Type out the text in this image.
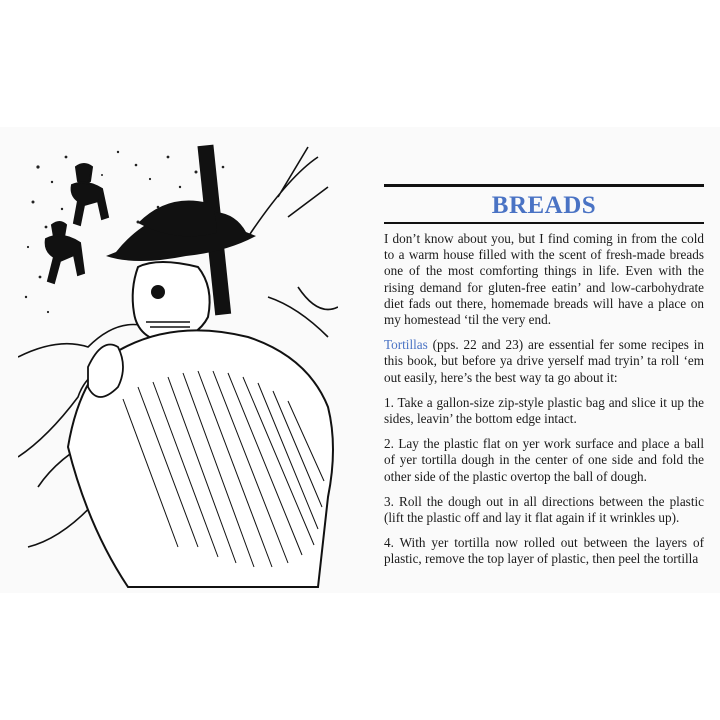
BREADS

I don’t know about you, but I find coming in from the cold to a warm house filled with the scent of fresh-made breads one of the most comforting things in life. Even with the rising demand for gluten-free eatin’ and low-carbohydrate diet fads out there, homemade breads will have a place on my homestead ‘til the very end.

Tortillas (pps. 22 and 23) are essential fer some recipes in this book, but before ya drive yerself mad tryin’ ta roll ‘em out easily, here’s the best way ta go about it:

1. Take a gallon-size zip-style plastic bag and slice it up the sides, leavin’ the bottom edge intact.

2. Lay the plastic flat on yer work surface and place a ball of yer tortilla dough in the center of one side and fold the other side of the plastic overtop the ball of dough.

3. Roll the dough out in all directions between the plastic (lift the plastic off and lay it flat again if it wrinkles up).

4. With yer tortilla now rolled out between the layers of plastic, remove the top layer of plastic, then peel the tortilla
